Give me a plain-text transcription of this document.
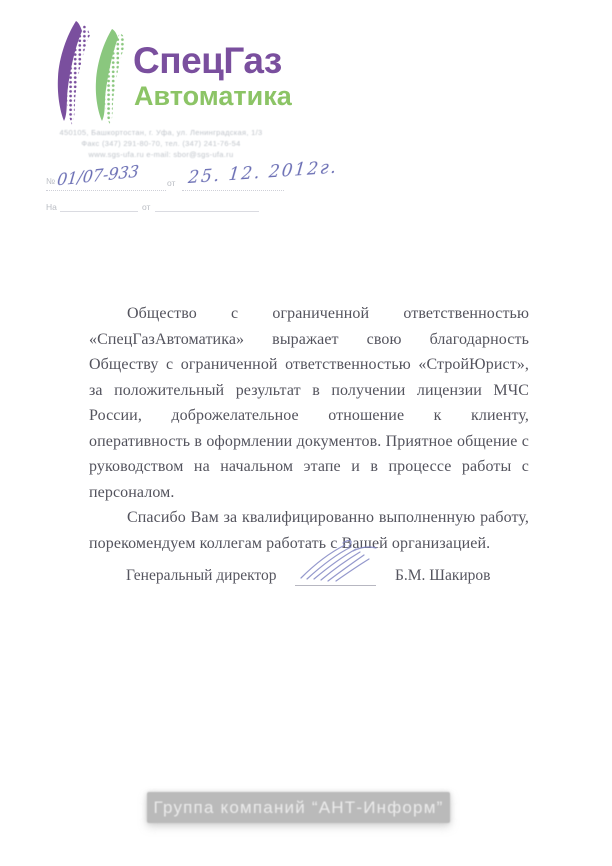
СпецГаз
Автоматика
450105, Башкортостан, г. Уфа, ул. Ленинградская, 1/3
Факс (347) 291-80-70, тел. (347) 241-76-54
www.sgs-ufa.ru e-mail: sbor@sgs-ufa.ru
№ 01/07-933	от 25. 12. 2012г.
На	от

Общество с ограниченной ответственностью «СпецГазАвтоматика» выражает свою благодарность Обществу с ограниченной ответственностью «СтройЮрист», за положительный результат в получении лицензии МЧС России, доброжелательное отношение к клиенту, оперативность в оформлении документов. Приятное общение с руководством на начальном этапе и в процессе работы с персоналом.

Спасибо Вам за квалифицированно выполненную работу, порекомендуем коллегам работать с Вашей организацией.

Генеральный директор	Б.М. Шакиров
Группа компаний “АНТ-Информ”
